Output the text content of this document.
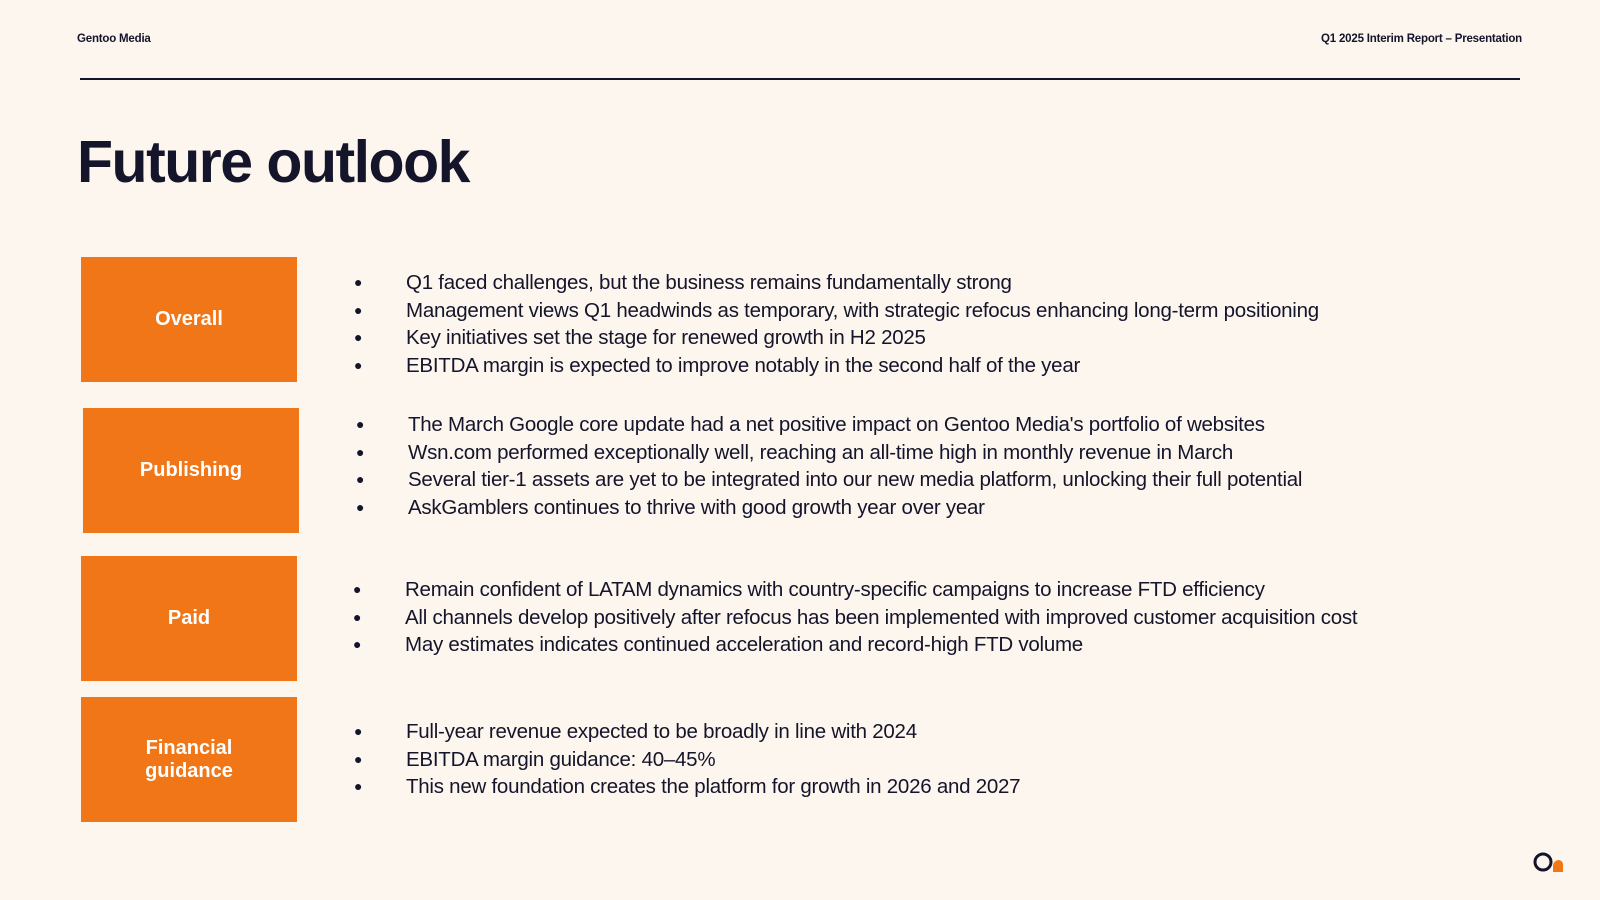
Gentoo Media	Q1 2025 Interim Report – Presentation
Future outlook
Overall
● Q1 faced challenges, but the business remains fundamentally strong
● Management views Q1 headwinds as temporary, with strategic refocus enhancing long-term positioning
● Key initiatives set the stage for renewed growth in H2 2025
● EBITDA margin is expected to improve notably in the second half of the year
Publishing
● The March Google core update had a net positive impact on Gentoo Media's portfolio of websites
● Wsn.com performed exceptionally well, reaching an all-time high in monthly revenue in March
● Several tier-1 assets are yet to be integrated into our new media platform, unlocking their full potential
● AskGamblers continues to thrive with good growth year over year
Paid
● Remain confident of LATAM dynamics with country-specific campaigns to increase FTD efficiency
● All channels develop positively after refocus has been implemented with improved customer acquisition cost
● May estimates indicates continued acceleration and record-high FTD volume
Financial
guidance
● Full-year revenue expected to be broadly in line with 2024
● EBITDA margin guidance: 40–45%
● This new foundation creates the platform for growth in 2026 and 2027
